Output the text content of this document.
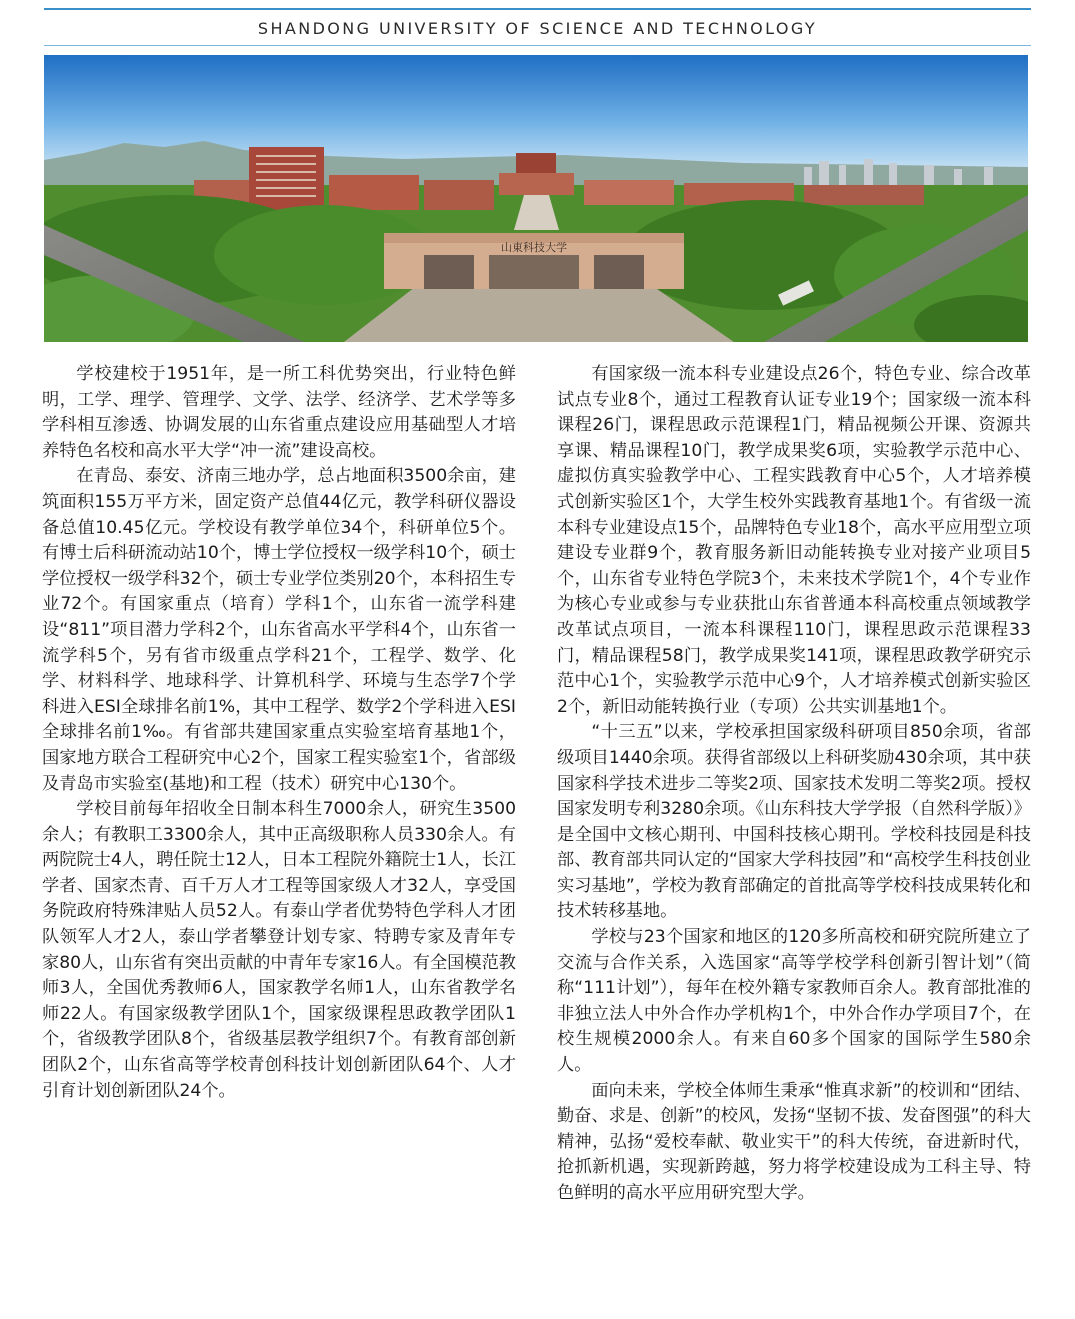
SHANDONG UNIVERSITY OF SCIENCE AND TECHNOLOGY
山東科技大学

学校建校于1951年，是一所工科优势突出，行业特色鲜明，工学、理学、管理学、文学、法学、经济学、艺术学等多学科相互渗透、协调发展的山东省重点建设应用基础型人才培养特色名校和高水平大学“冲一流”建设高校。

在青岛、泰安、济南三地办学，总占地面积3500余亩，建筑面积155万平方米，固定资产总值44亿元，教学科研仪器设备总值10.45亿元。学校设有教学单位34个，科研单位5个。有博士后科研流动站10个，博士学位授权一级学科10个，硕士学位授权一级学科32个，硕士专业学位类别20个，本科招生专业72个。有国家重点（培育）学科1个，山东省一流学科建设“811”项目潜力学科2个，山东省高水平学科4个，山东省一流学科5个，另有省市级重点学科21个，工程学、数学、化学、材料科学、地球科学、计算机科学、环境与生态学7个学科进入ESI全球排名前1%，其中工程学、数学2个学科进入ESI全球排名前1‰。有省部共建国家重点实验室培育基地1个，国家地方联合工程研究中心2个，国家工程实验室1个，省部级及青岛市实验室(基地)和工程（技术）研究中心130个。

学校目前每年招收全日制本科生7000余人，研究生3500余人；有教职工3300余人，其中正高级职称人员330余人。有两院院士4人，聘任院士12人，日本工程院外籍院士1人，长江学者、国家杰青、百千万人才工程等国家级人才32人，享受国务院政府特殊津贴人员52人。有泰山学者优势特色学科人才团队领军人才2人，泰山学者攀登计划专家、特聘专家及青年专家80人，山东省有突出贡献的中青年专家16人。有全国模范教师3人，全国优秀教师6人，国家教学名师1人，山东省教学名师22人。有国家级教学团队1个，国家级课程思政教学团队1个，省级教学团队8个，省级基层教学组织7个。有教育部创新团队2个，山东省高等学校青创科技计划创新团队64个、人才引育计划创新团队24个。

有国家级一流本科专业建设点26个，特色专业、综合改革试点专业8个，通过工程教育认证专业19个；国家级一流本科课程26门，课程思政示范课程1门，精品视频公开课、资源共享课、精品课程10门，教学成果奖6项，实验教学示范中心、虚拟仿真实验教学中心、工程实践教育中心5个，人才培养模式创新实验区1个，大学生校外实践教育基地1个。有省级一流本科专业建设点15个，品牌特色专业18个，高水平应用型立项建设专业群9个，教育服务新旧动能转换专业对接产业项目5个，山东省专业特色学院3个，未来技术学院1个，4个专业作为核心专业或参与专业获批山东省普通本科高校重点领域教学改革试点项目，一流本科课程110门，课程思政示范课程33门，精品课程58门，教学成果奖141项，课程思政教学研究示范中心1个，实验教学示范中心9个，人才培养模式创新实验区2个，新旧动能转换行业（专项）公共实训基地1个。

“十三五”以来，学校承担国家级科研项目850余项，省部级项目1440余项。获得省部级以上科研奖励430余项，其中获国家科学技术进步二等奖2项、国家技术发明二等奖2项。授权国家发明专利3280余项。《山东科技大学学报（自然科学版）》是全国中文核心期刊、中国科技核心期刊。学校科技园是科技部、教育部共同认定的“国家大学科技园”和“高校学生科技创业实习基地”，学校为教育部确定的首批高等学校科技成果转化和技术转移基地。

学校与23个国家和地区的120多所高校和研究院所建立了交流与合作关系，入选国家“高等学校学科创新引智计划”（简称“111计划”），每年在校外籍专家教师百余人。教育部批准的非独立法人中外合作办学机构1个，中外合作办学项目7个，在校生规模2000余人。有来自60多个国家的国际学生580余人。

面向未来，学校全体师生秉承“惟真求新”的校训和“团结、勤奋、求是、创新”的校风，发扬“坚韧不拔、发奋图强”的科大精神，弘扬“爱校奉献、敬业实干”的科大传统，奋进新时代，抢抓新机遇，实现新跨越，努力将学校建设成为工科主导、特色鲜明的高水平应用研究型大学。
